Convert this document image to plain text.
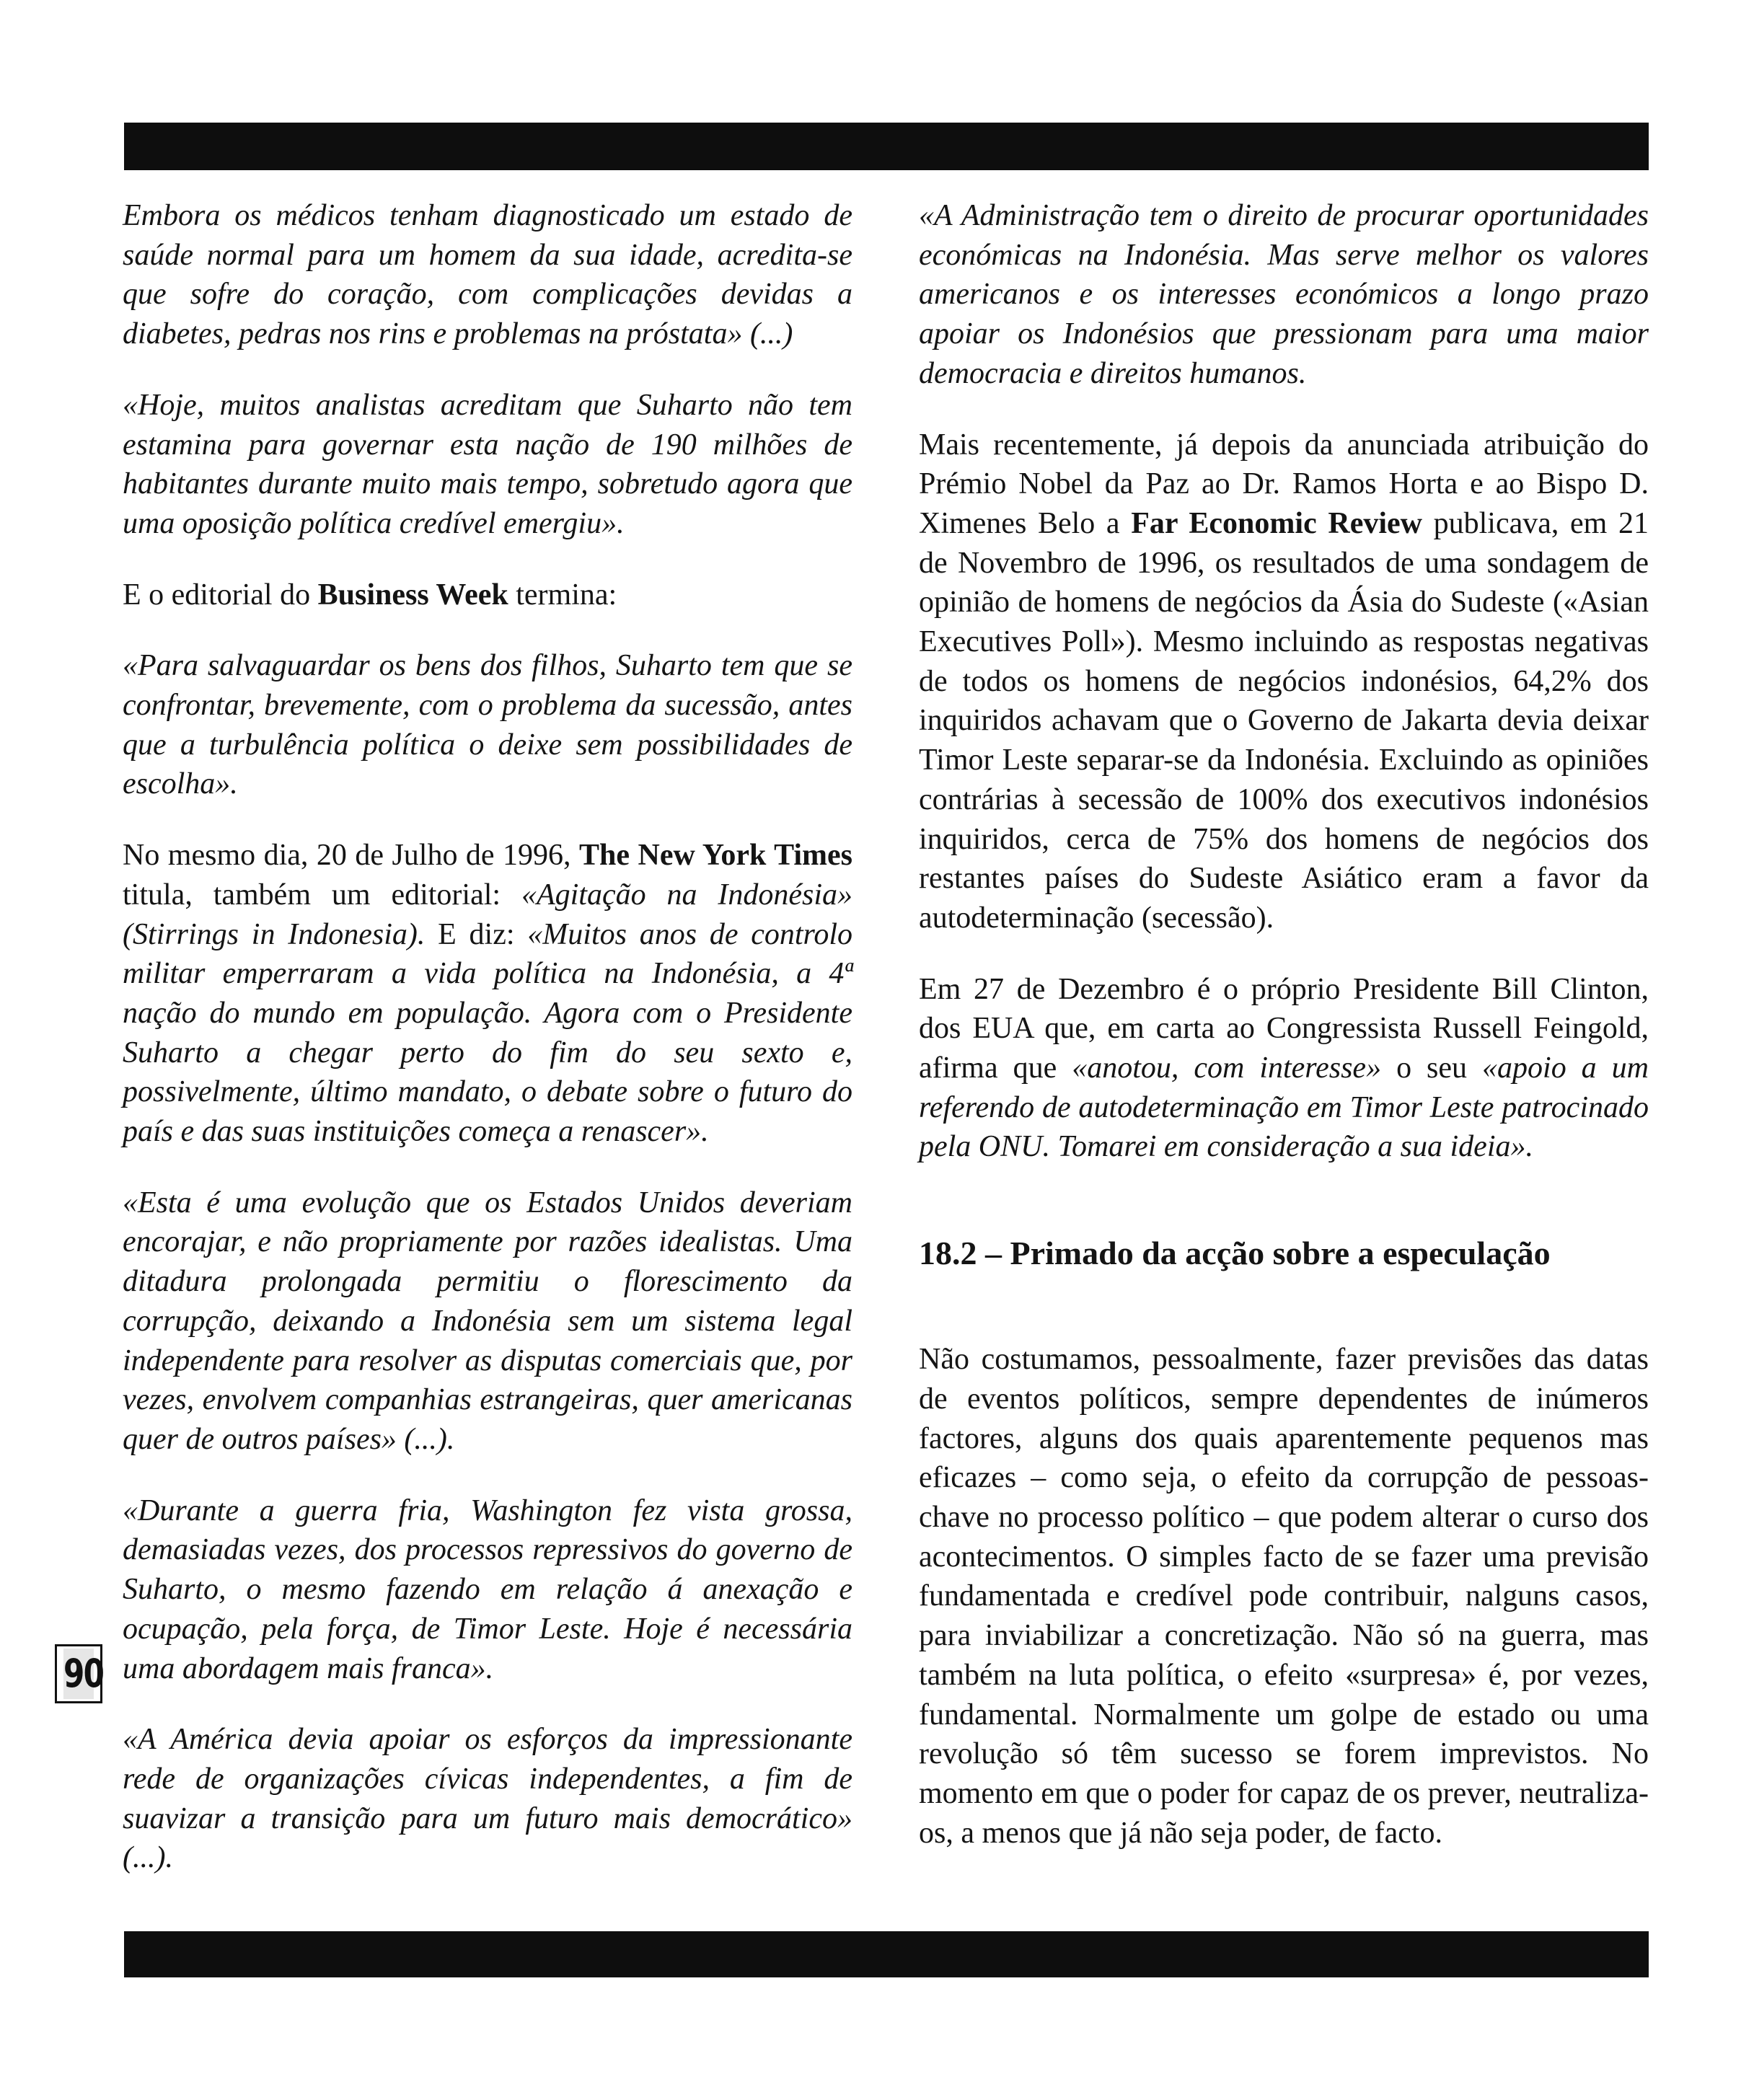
Embora os médicos tenham diagnosticado um estado de saúde normal para um homem da sua idade, acredita-se que sofre do coração, com complicações devidas a diabetes, pedras nos rins e problemas na próstata» (...)

«Hoje, muitos analistas acreditam que Suharto não tem estamina para governar esta nação de 190 milhões de habitantes durante muito mais tempo, sobretudo agora que uma oposição política credível emergiu».

E o editorial do Business Week termina:

«Para salvaguardar os bens dos filhos, Suharto tem que se confrontar, brevemente, com o problema da sucessão, antes que a turbulência política o deixe sem possibilidades de escolha».

No mesmo dia, 20 de Julho de 1996, The New York Times titula, também um editorial: «Agitação na Indonésia» (Stirrings in Indonesia). E diz: «Muitos anos de controlo militar emperraram a vida política na Indonésia, a 4ª nação do mundo em população. Agora com o Presidente Suharto a chegar perto do fim do seu sexto e, possivelmente, último mandato, o debate sobre o futuro do país e das suas instituições começa a renascer».

«Esta é uma evolução que os Estados Unidos deveriam encorajar, e não propriamente por razões idealistas. Uma ditadura prolongada permitiu o florescimento da corrupção, deixando a Indonésia sem um sistema legal independente para resolver as disputas comerciais que, por vezes, envolvem companhias estrangeiras, quer americanas quer de outros países» (...).

«Durante a guerra fria, Washington fez vista grossa, demasiadas vezes, dos processos repressivos do governo de Suharto, o mesmo fazendo em relação á anexação e ocupação, pela força, de Timor Leste. Hoje é necessária uma abordagem mais franca».

«A América devia apoiar os esforços da impressionante rede de organizações cívicas independentes, a fim de suavizar a transição para um futuro mais democrático» (...).

«A Administração tem o direito de procurar oportunidades económicas na Indonésia. Mas serve melhor os valores americanos e os interesses económicos a longo prazo apoiar os Indonésios que pressionam para uma maior democracia e direitos humanos.

Mais recentemente, já depois da anunciada atribuição do Prémio Nobel da Paz ao Dr. Ramos Horta e ao Bispo D. Ximenes Belo a Far Economic Review publicava, em 21 de Novembro de 1996, os resultados de uma sondagem de opinião de homens de negócios da Ásia do Sudeste («Asian Executives Poll»). Mesmo incluindo as respostas negativas de todos os homens de negócios indonésios, 64,2% dos inquiridos achavam que o Governo de Jakarta devia deixar Timor Leste separar-se da Indonésia. Excluindo as opiniões contrárias à secessão de 100% dos executivos indonésios inquiridos, cerca de 75% dos homens de negócios dos restantes países do Sudeste Asiático eram a favor da autodeterminação (secessão).

Em 27 de Dezembro é o próprio Presidente Bill Clinton, dos EUA que, em carta ao Congressista Russell Feingold, afirma que «anotou, com interesse» o seu «apoio a um referendo de autodeterminação em Timor Leste patrocinado pela ONU. Tomarei em consideração a sua ideia».

18.2 – Primado da acção sobre a especulação

Não costumamos, pessoalmente, fazer previsões das datas de eventos políticos, sempre dependentes de inúmeros factores, alguns dos quais aparentemente pequenos mas eficazes – como seja, o efeito da corrupção de pessoas-chave no processo político – que podem alterar o curso dos acontecimentos. O simples facto de se fazer uma previsão fundamentada e credível pode contribuir, nalguns casos, para inviabilizar a concretização. Não só na guerra, mas também na luta política, o efeito «surpresa» é, por vezes, fundamental. Normalmente um golpe de estado ou uma revolução só têm sucesso se forem imprevistos. No momento em que o poder for capaz de os prever, neutraliza-os, a menos que já não seja poder, de facto.

90
